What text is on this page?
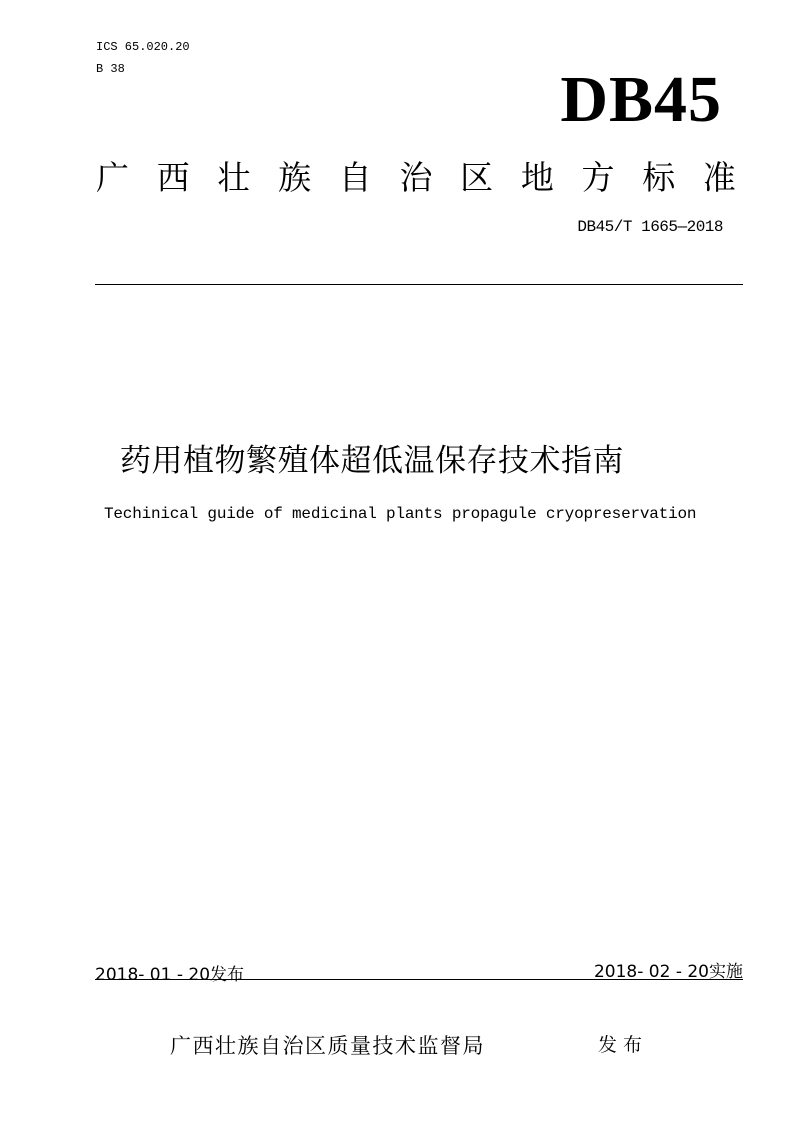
ICS 65.020.20
B 38	DB45
广 西 壮 族 自 治 区 地 方 标 准
DB45/T 1665—2018
药用植物繁殖体超低温保存技术指南
Techinical guide of medicinal plants propagule cryopreservation
2018- 01 - 20发布	2018- 02 - 20实施
广西壮族自治区质量技术监督局	发布
